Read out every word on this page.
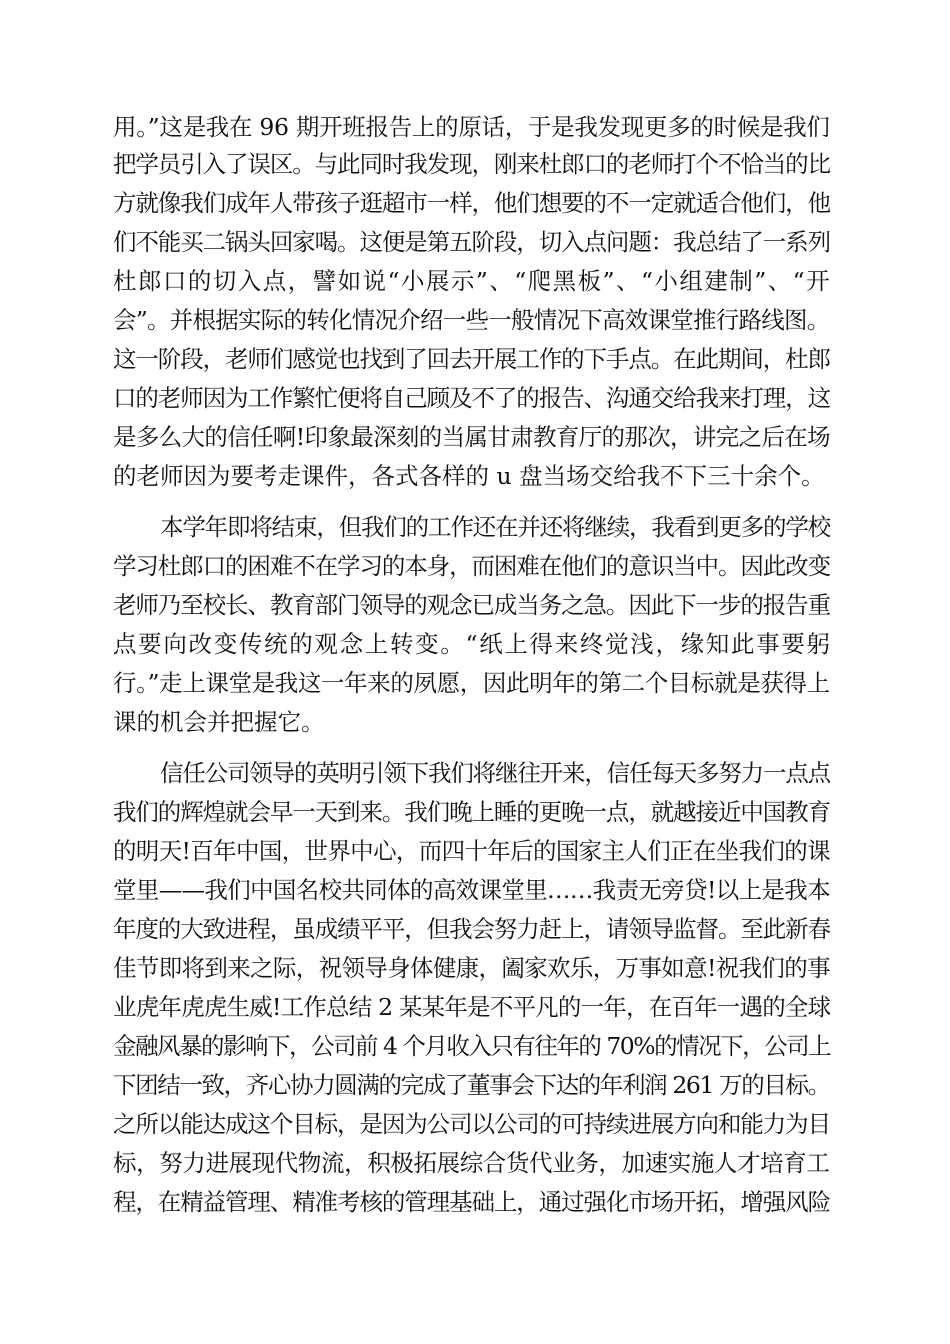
用。”这是我在 96 期开班报告上的原话，于是我发现更多的时候是我们
把学员引入了误区。与此同时我发现，刚来杜郎口的老师打个不恰当的比
方就像我们成年人带孩子逛超市一样，他们想要的不一定就适合他们，他
们不能买二锅头回家喝。这便是第五阶段，切入点问题：我总结了一系列
杜郎口的切入点，譬如说“小展示”、“爬黑板”、“小组建制”、“开
会”。并根据实际的转化情况介绍一些一般情况下高效课堂推行路线图。
这一阶段，老师们感觉也找到了回去开展工作的下手点。在此期间，杜郎
口的老师因为工作繁忙便将自己顾及不了的报告、沟通交给我来打理，这
是多么大的信任啊!印象最深刻的当属甘肃教育厅的那次，讲完之后在场
的老师因为要考走课件，各式各样的 u 盘当场交给我不下三十余个。
本学年即将结束，但我们的工作还在并还将继续，我看到更多的学校
学习杜郎口的困难不在学习的本身，而困难在他们的意识当中。因此改变
老师乃至校长、教育部门领导的观念已成当务之急。因此下一步的报告重
点要向改变传统的观念上转变。“纸上得来终觉浅，缘知此事要躬
行。”走上课堂是我这一年来的夙愿，因此明年的第二个目标就是获得上
课的机会并把握它。
信任公司领导的英明引领下我们将继往开来，信任每天多努力一点点
我们的辉煌就会早一天到来。我们晚上睡的更晚一点，就越接近中国教育
的明天!百年中国，世界中心，而四十年后的国家主人们正在坐我们的课
堂里——我们中国名校共同体的高效课堂里……我责无旁贷!以上是我本
年度的大致进程，虽成绩平平，但我会努力赶上，请领导监督。至此新春
佳节即将到来之际，祝领导身体健康，阖家欢乐，万事如意!祝我们的事
业虎年虎虎生威!工作总结 2 某某年是不平凡的一年，在百年一遇的全球
金融风暴的影响下，公司前 4 个月收入只有往年的 70%的情况下，公司上
下团结一致，齐心协力圆满的完成了董事会下达的年利润 261 万的目标。
之所以能达成这个目标，是因为公司以公司的可持续进展方向和能力为目
标，努力进展现代物流，积极拓展综合货代业务，加速实施人才培育工
程，在精益管理、精准考核的管理基础上，通过强化市场开拓，增强风险
